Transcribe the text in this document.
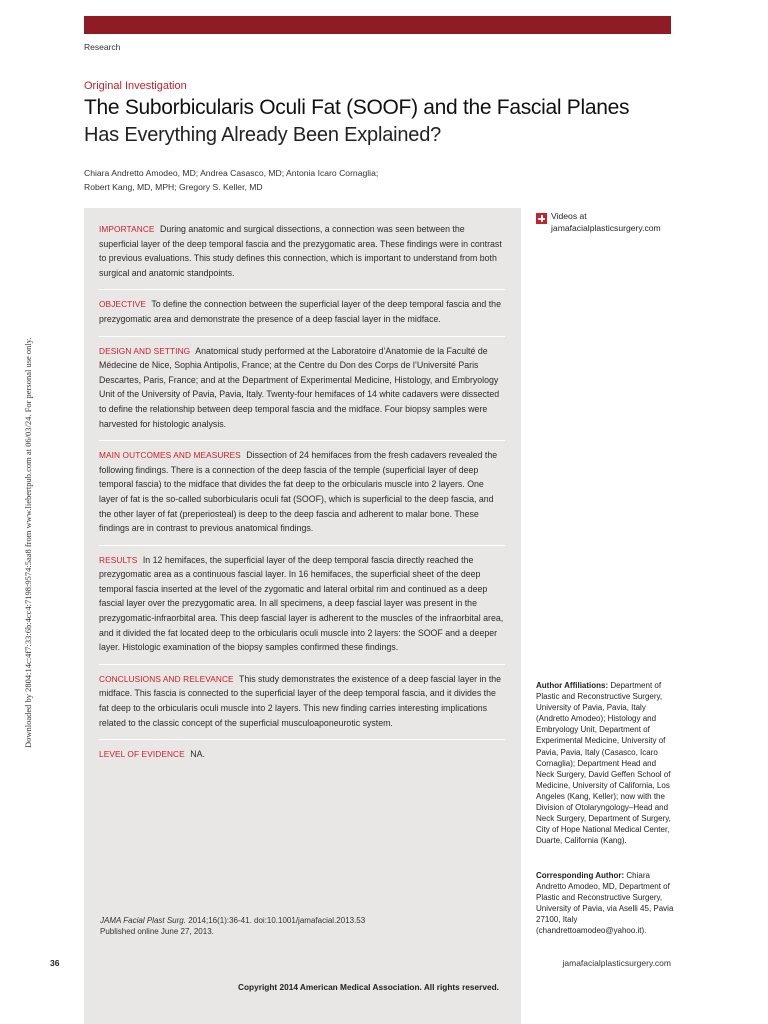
Research
Downloaded by 2804:14c:4f7:33:6b:4cc4:7198:9574:5aa8 from www.liebertpub.com at 06/03/24. For personal use only.
Original Investigation
The Suborbicularis Oculi Fat (SOOF) and the Fascial Planes
Has Everything Already Been Explained?
Chiara Andretto Amodeo, MD; Andrea Casasco, MD; Antonia Icaro Cornaglia;
Robert Kang, MD, MPH; Gregory S. Keller, MD
IMPORTANCE During anatomic and surgical dissections, a connection was seen between the superficial layer of the deep temporal fascia and the prezygomatic area. These findings were in contrast to previous evaluations. This study defines this connection, which is important to understand from both surgical and anatomic standpoints.
OBJECTIVE To define the connection between the superficial layer of the deep temporal fascia and the prezygomatic area and demonstrate the presence of a deep fascial layer in the midface.
DESIGN AND SETTING Anatomical study performed at the Laboratoire d’Anatomie de la Faculté de Médecine de Nice, Sophia Antipolis, France; at the Centre du Don des Corps de l’Université Paris Descartes, Paris, France; and at the Department of Experimental Medicine, Histology, and Embryology Unit of the University of Pavia, Pavia, Italy. Twenty-four hemifaces of 14 white cadavers were dissected to define the relationship between deep temporal fascia and the midface. Four biopsy samples were harvested for histologic analysis.
MAIN OUTCOMES AND MEASURES Dissection of 24 hemifaces from the fresh cadavers revealed the following findings. There is a connection of the deep fascia of the temple (superficial layer of deep temporal fascia) to the midface that divides the fat deep to the orbicularis muscle into 2 layers. One layer of fat is the so-called suborbicularis oculi fat (SOOF), which is superficial to the deep fascia, and the other layer of fat (preperiosteal) is deep to the deep fascia and adherent to malar bone. These findings are in contrast to previous anatomical findings.
RESULTS In 12 hemifaces, the superficial layer of the deep temporal fascia directly reached the prezygomatic area as a continuous fascial layer. In 16 hemifaces, the superficial sheet of the deep temporal fascia inserted at the level of the zygomatic and lateral orbital rim and continued as a deep fascial layer over the prezygomatic area. In all specimens, a deep fascial layer was present in the prezygomatic-infraorbital area. This deep fascial layer is adherent to the muscles of the infraorbital area, and it divided the fat located deep to the orbicularis oculi muscle into 2 layers: the SOOF and a deeper layer. Histologic examination of the biopsy samples confirmed these findings.
CONCLUSIONS AND RELEVANCE This study demonstrates the existence of a deep fascial layer in the midface. This fascia is connected to the superficial layer of the deep temporal fascia, and it divides the fat deep to the orbicularis oculi muscle into 2 layers. This new finding carries interesting implications related to the classic concept of the superficial musculoaponeurotic system.
LEVEL OF EVIDENCE NA.
JAMA Facial Plast Surg. 2014;16(1):36-41. doi:10.1001/jamafacial.2013.53
Published online June 27, 2013.
Videos at
jamafacialplasticsurgery.com
Author Affiliations: Department of Plastic and Reconstructive Surgery, University of Pavia, Pavia, Italy (Andretto Amodeo); Histology and Embryology Unit, Department of Experimental Medicine, University of Pavia, Pavia, Italy (Casasco, Icaro Cornaglia); Department Head and Neck Surgery, David Geffen School of Medicine, University of California, Los Angeles (Kang, Keller); now with the Division of Otolaryngology–Head and Neck Surgery, Department of Surgery, City of Hope National Medical Center, Duarte, California (Kang).
Corresponding Author: Chiara Andretto Amodeo, MD, Department of Plastic and Reconstructive Surgery, University of Pavia, via Aselli 45, Pavia 27100, Italy (chandrettoamodeo@yahoo.it).
36	jamafacialplasticsurgery.com
Copyright 2014 American Medical Association. All rights reserved.
